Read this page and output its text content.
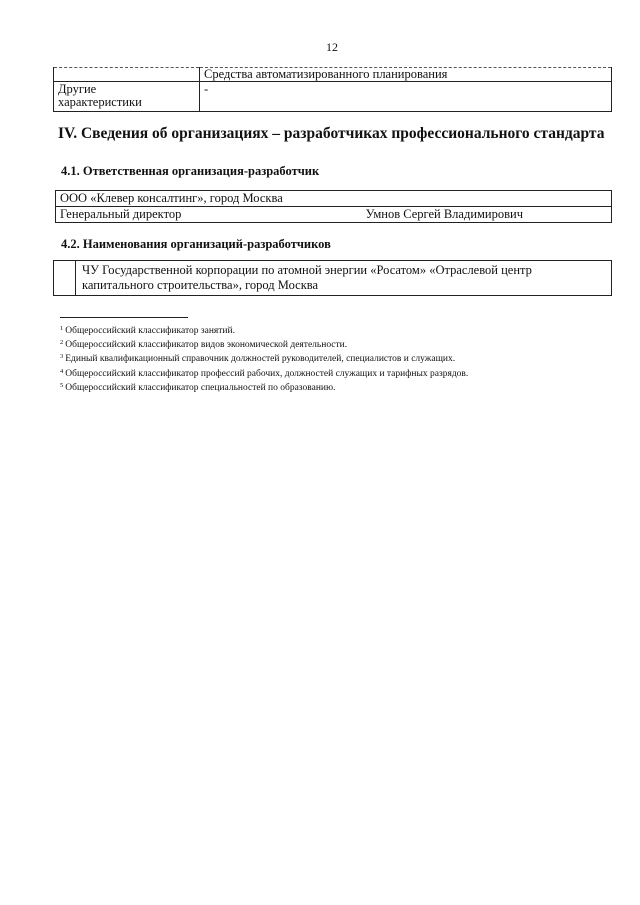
12
	Средства автоматизированного планирования

Другие
характеристики	-
IV. Сведения об организациях – разработчиках профессионального стандарта
4.1. Ответственная организация-разработчик
ООО «Клевер консалтинг», город Москва

Генеральный директор	Умнов Сергей Владимирович
4.2. Наименования организаций-разработчиков

ЧУ Государственной корпорации по атомной энергии «Росатом» «Отраслевой центр
капитального строительства», город Москва
$^1$ Общероссийский классификатор занятий.
$^2$ Общероссийский классификатор видов экономической деятельности.
$^3$ Единый квалификационный справочник должностей руководителей, специалистов и служащих.
$^4$ Общероссийский классификатор профессий рабочих, должностей служащих и тарифных разрядов.
$^5$ Общероссийский классификатор специальностей по образованию.
